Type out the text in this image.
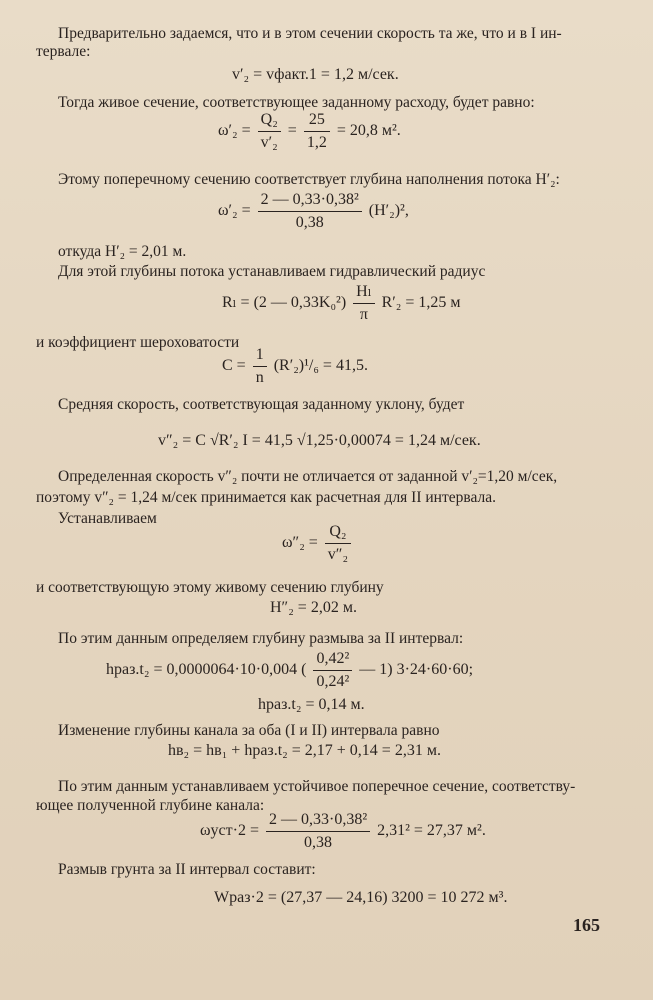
Предварительно задаемся, что и в этом сечении скорость та же, что и в I ин-
тервале:
v′₂ = vфакт.1 = 1,2 м/сек.
Тогда живое сечение, соответствующее заданному расходу, будет равно:
$\omega'_2 = \frac{\text{Q₂}}{\text{v′₂}} = \frac{25}{1,2} = 20,8$ м².
Этому поперечному сечению соответствует глубина наполнения потока H′₂:
$\omega'_2 = \frac{\text{2 — 0,33·0,38²}}{0,38} (H'_2)^2$,
откуда H′₂ = 2,01 м.
Для этой глубины потока устанавливаем гидравлический радиус
Rₗ = (2 — $0,33K_0^2) \frac{\text{Hₗ}}{\pi} R'_2 = 1,25$ м
и коэффициент шероховатости
$C = \frac{1}{n} (R'_2)^1/_6 = 41,5$.
Средняя скорость, соответствующая заданному уклону, будет
v″₂ = C √R′₂ I = 41,5 √1,25·0,00074 = 1,24 м/сек.
Определенная скорость v″₂ почти не отличается от заданной v′₂=1,20 м/сек,
поэтому v″₂ = 1,24 м/сек принимается как расчетная для II интервала.
Устанавливаем
$\omega''_2 = \frac{\text{Q₂}}{\text{v″₂}}$
и соответствующую этому живому сечению глубину
H″₂ = 2,02 м.
По этим данным определяем глубину размыва за II интервал:
hраз.t₂ = 0,0000064·10·0,004 ( $\frac{\text{0,42²}}{\text{0,24²}}$ — 1) 3·24·60·60;
hраз.t₂ = 0,14 м.
Изменение глубины канала за оба (I и II) интервала равно
hв₂ = hв₁ + hраз.t₂ = 2,17 + 0,14 = 2,31 м.
По этим данным устанавливаем устойчивое поперечное сечение, соответству-
ющее полученной глубине канала:
$\omega уст\cdot 2 = \frac{\text{2 — 0,33·0,38²}}{0,38} 2,31^2 = 27,37$ м².
Размыв грунта за II интервал составит:
Wраз·2 = (27,37 — 24,16) 3200 = 10 272 м³.
165
